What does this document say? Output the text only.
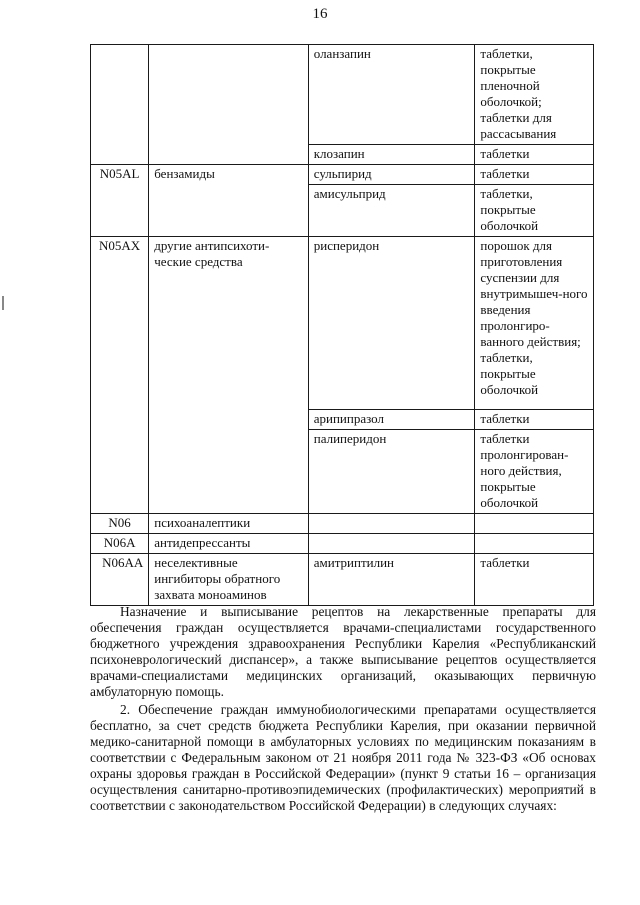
16
		оланзапин	таблетки, покрытые пленочной оболочкой; таблетки для рассасывания
		клозапин	таблетки
N05AL	бензамиды	сульпирид	таблетки
		амисульприд	таблетки, покрытые оболочкой
N05AX	другие антипсихоти-ческие средства	рисперидон	порошок для приготовления суспензии для внутримышеч-ного введения пролонгиро-ванного действия; таблетки, покрытые оболочкой
		арипипразол	таблетки
		палиперидон	таблетки пролонгирован-ного действия, покрытые оболочкой
N06	психоаналептики		
N06A	антидепрессанты		
N06AA	неселективные ингибиторы обратного захвата моноаминов	амитриптилин	таблетки

Назначение и выписывание рецептов на лекарственные препараты для обеспечения граждан осуществляется врачами-специалистами государственного бюджетного учреждения здравоохранения Республики Карелия «Республиканский психоневрологический диспансер», а также выписывание рецептов осуществляется врачами-специалистами медицинских организаций, оказывающих первичную амбулаторную помощь.

2. Обеспечение граждан иммунобиологическими препаратами осуществляется бесплатно, за счет средств бюджета Республики Карелия, при оказании первичной медико-санитарной помощи в амбулаторных условиях по медицинским показаниям в соответствии с Федеральным законом от 21 ноября 2011 года № 323-ФЗ «Об основах охраны здоровья граждан в Российской Федерации» (пункт 9 статьи 16 – организация осуществления санитарно-противоэпидемических (профилактических) мероприятий в соответствии с законодательством Российской Федерации) в следующих случаях:
